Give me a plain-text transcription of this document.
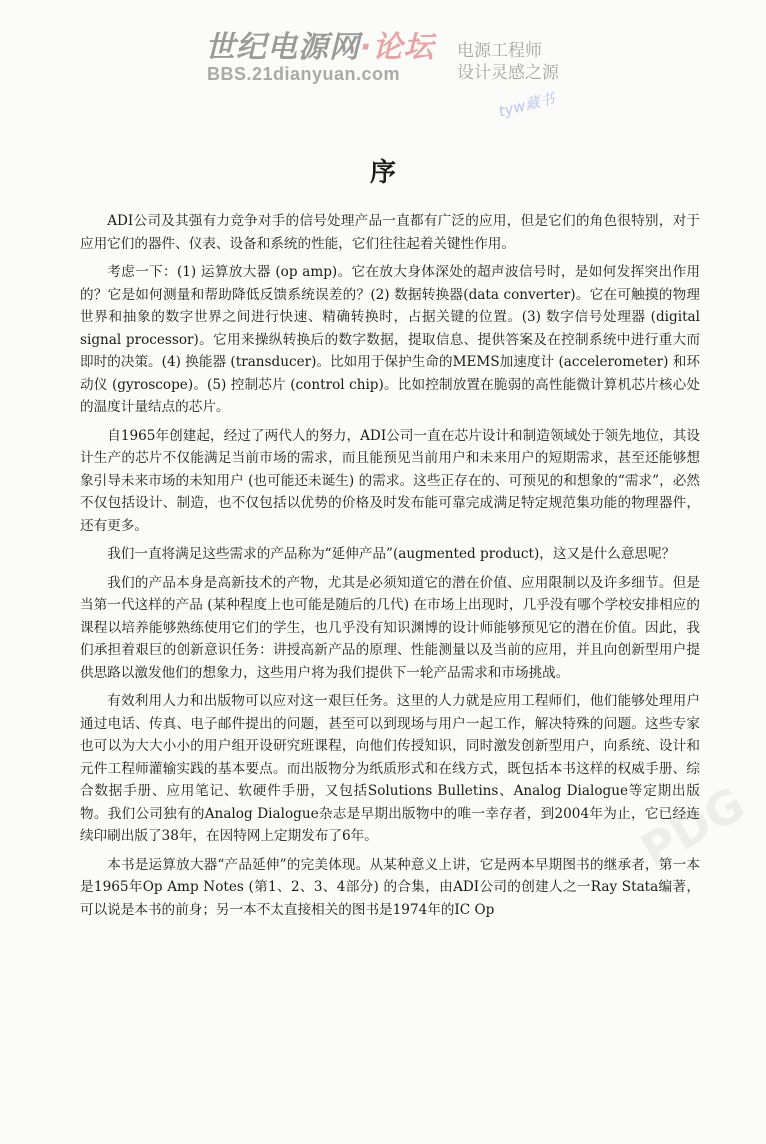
世纪电源网·论坛
BBS.21dianyuan.com
电源工程师
设计灵感之源
tyw藏书
PDG
序

ADI公司及其强有力竞争对手的信号处理产品一直都有广泛的应用，但是它们的角色很特别，对于应用它们的器件、仪表、设备和系统的性能，它们往往起着关键性作用。

考虑一下：(1) 运算放大器 (op amp)。它在放大身体深处的超声波信号时，是如何发挥突出作用的？它是如何测量和帮助降低反馈系统误差的？(2) 数据转换器(data converter)。它在可触摸的物理世界和抽象的数字世界之间进行快速、精确转换时，占据关键的位置。(3) 数字信号处理器 (digital signal processor)。它用来操纵转换后的数字数据，提取信息、提供答案及在控制系统中进行重大而即时的决策。(4) 换能器 (transducer)。比如用于保护生命的MEMS加速度计 (accelerometer) 和环动仪 (gyroscope)。(5) 控制芯片 (control chip)。比如控制放置在脆弱的高性能微计算机芯片核心处的温度计量结点的芯片。

自1965年创建起，经过了两代人的努力，ADI公司一直在芯片设计和制造领域处于领先地位，其设计生产的芯片不仅能满足当前市场的需求，而且能预见当前用户和未来用户的短期需求，甚至还能够想象引导未来市场的未知用户 (也可能还未诞生) 的需求。这些正存在的、可预见的和想象的“需求”，必然不仅包括设计、制造，也不仅包括以优势的价格及时发布能可靠完成满足特定规范集功能的物理器件，还有更多。

我们一直将满足这些需求的产品称为“延伸产品”(augmented product)，这又是什么意思呢？

我们的产品本身是高新技术的产物，尤其是必须知道它的潜在价值、应用限制以及许多细节。但是当第一代这样的产品 (某种程度上也可能是随后的几代) 在市场上出现时，几乎没有哪个学校安排相应的课程以培养能够熟练使用它们的学生，也几乎没有知识渊博的设计师能够预见它的潜在价值。因此，我们承担着艰巨的创新意识任务：讲授高新产品的原理、性能测量以及当前的应用，并且向创新型用户提供思路以激发他们的想象力，这些用户将为我们提供下一轮产品需求和市场挑战。

有效利用人力和出版物可以应对这一艰巨任务。这里的人力就是应用工程师们，他们能够处理用户通过电话、传真、电子邮件提出的问题，甚至可以到现场与用户一起工作，解决特殊的问题。这些专家也可以为大大小小的用户组开设研究班课程，向他们传授知识，同时激发创新型用户，向系统、设计和元件工程师灌输实践的基本要点。而出版物分为纸质形式和在线方式，既包括本书这样的权威手册、综合数据手册、应用笔记、软硬件手册，又包括Solutions Bulletins、Analog Dialogue等定期出版物。我们公司独有的Analog Dialogue杂志是早期出版物中的唯一幸存者，到2004年为止，它已经连续印刷出版了38年，在因特网上定期发布了6年。

本书是运算放大器“产品延伸”的完美体现。从某种意义上讲，它是两本早期图书的继承者，第一本是1965年Op Amp Notes (第1、2、3、4部分) 的合集，由ADI公司的创建人之一Ray Stata编著，可以说是本书的前身；另一本不太直接相关的图书是1974年的IC Op
